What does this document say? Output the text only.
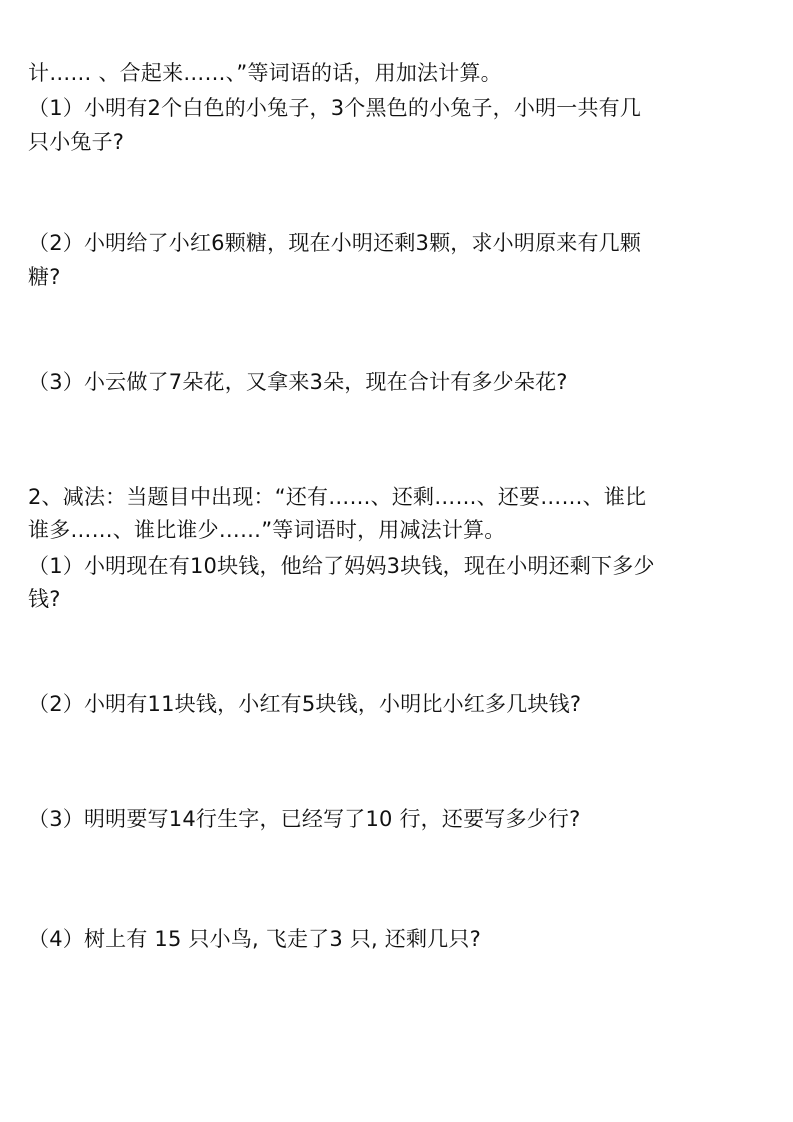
计…… 、合起来……、”等词语的话，用加法计算。
（1）小明有2个白色的小兔子，3个黑色的小兔子，小明一共有几
只小兔子?
（2）小明给了小红6颗糖，现在小明还剩3颗，求小明原来有几颗
糖?
（3）小云做了7朵花，又拿来3朵，现在合计有多少朵花?
2、减法：当题目中出现：“还有……、还剩……、还要……、谁比
谁多……、谁比谁少……”等词语时，用减法计算。
（1）小明现在有10块钱，他给了妈妈3块钱，现在小明还剩下多少
钱?
（2）小明有11块钱，小红有5块钱，小明比小红多几块钱?
（3）明明要写14行生字，已经写了10 行，还要写多少行?
（4）树上有 15 只小鸟, 飞走了3 只, 还剩几只?
